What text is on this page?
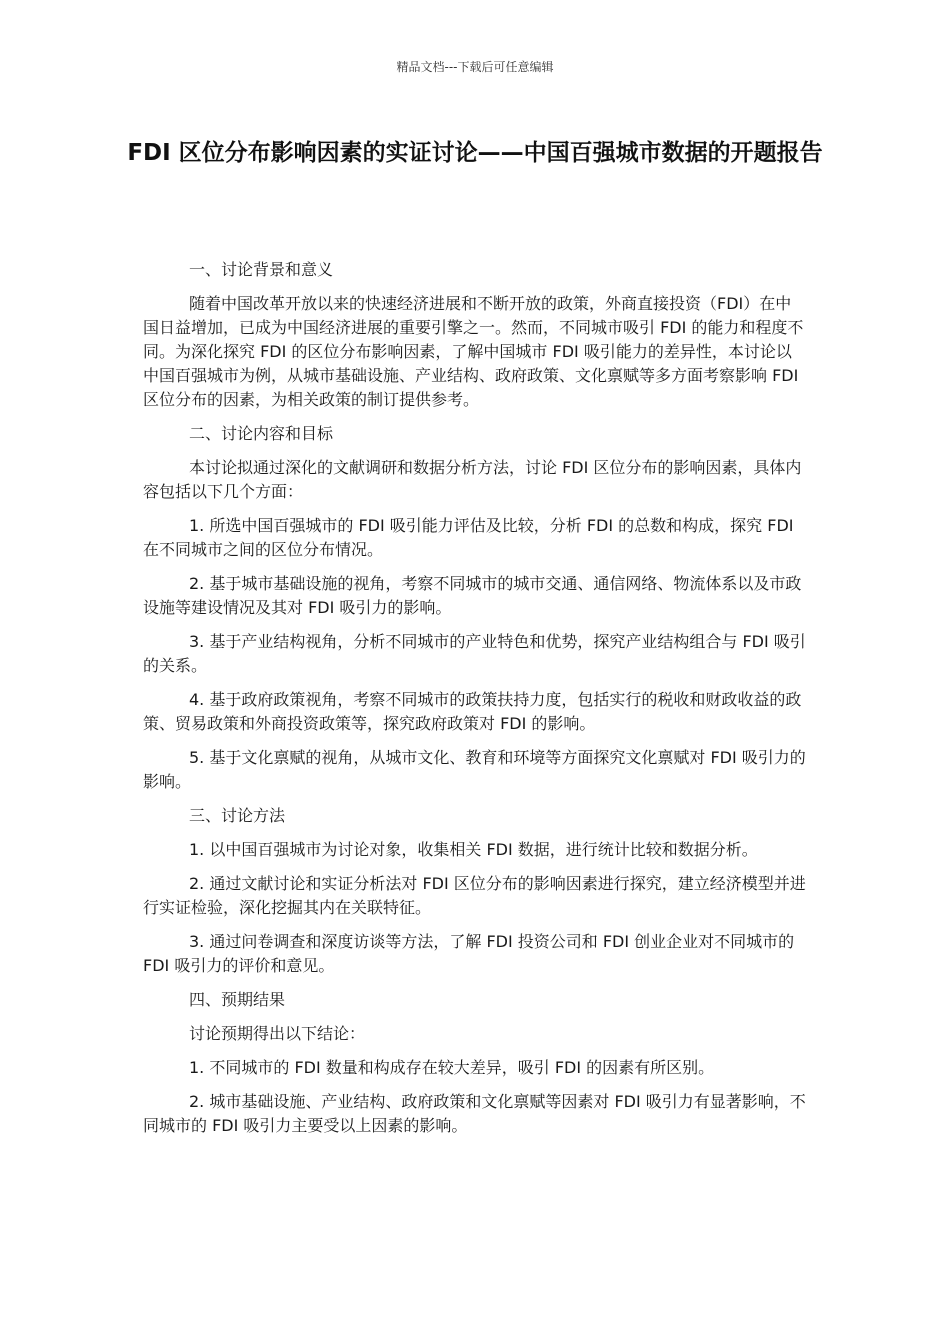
精品文档---下载后可任意编辑
FDI 区位分布影响因素的实证讨论——中国百强城市数据的开题报告

一、讨论背景和意义

随着中国改革开放以来的快速经济进展和不断开放的政策，外商直接投资（FDI）在中国日益增加，已成为中国经济进展的重要引擎之一。然而，不同城市吸引 FDI 的能力和程度不同。为深化探究 FDI 的区位分布影响因素，了解中国城市 FDI 吸引能力的差异性，本讨论以中国百强城市为例，从城市基础设施、产业结构、政府政策、文化禀赋等多方面考察影响 FDI 区位分布的因素，为相关政策的制订提供参考。

二、讨论内容和目标

本讨论拟通过深化的文献调研和数据分析方法，讨论 FDI 区位分布的影响因素，具体内容包括以下几个方面：

1. 所选中国百强城市的 FDI 吸引能力评估及比较，分析 FDI 的总数和构成，探究 FDI 在不同城市之间的区位分布情况。

2. 基于城市基础设施的视角，考察不同城市的城市交通、通信网络、物流体系以及市政设施等建设情况及其对 FDI 吸引力的影响。

3. 基于产业结构视角，分析不同城市的产业特色和优势，探究产业结构组合与 FDI 吸引的关系。

4. 基于政府政策视角，考察不同城市的政策扶持力度，包括实行的税收和财政收益的政策、贸易政策和外商投资政策等，探究政府政策对 FDI 的影响。

5. 基于文化禀赋的视角，从城市文化、教育和环境等方面探究文化禀赋对 FDI 吸引力的影响。

三、讨论方法

1. 以中国百强城市为讨论对象，收集相关 FDI 数据，进行统计比较和数据分析。

2. 通过文献讨论和实证分析法对 FDI 区位分布的影响因素进行探究，建立经济模型并进行实证检验，深化挖掘其内在关联特征。

3. 通过问卷调查和深度访谈等方法，了解 FDI 投资公司和 FDI 创业企业对不同城市的 FDI 吸引力的评价和意见。

四、预期结果

讨论预期得出以下结论：

1. 不同城市的 FDI 数量和构成存在较大差异，吸引 FDI 的因素有所区别。

2. 城市基础设施、产业结构、政府政策和文化禀赋等因素对 FDI 吸引力有显著影响，不同城市的 FDI 吸引力主要受以上因素的影响。
